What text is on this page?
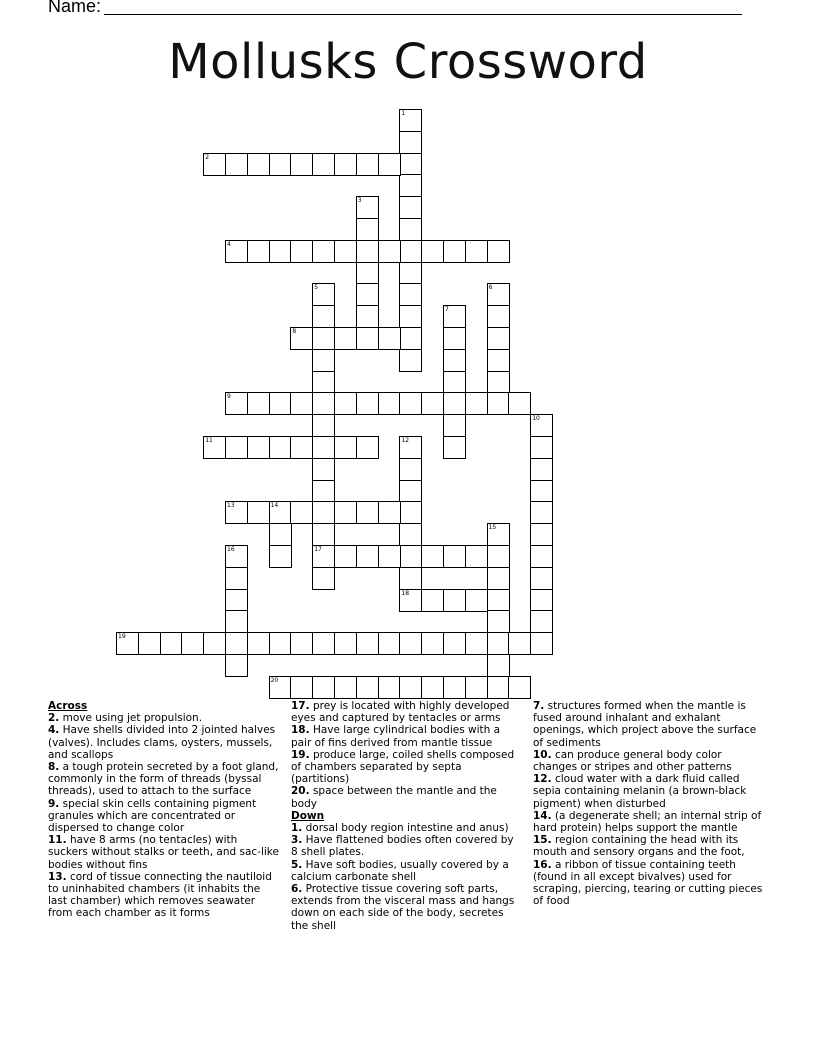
Name:
Mollusks Crossword
1
2
3
4
5	6
7
8
9
10
11	12
13	14
15
16	17
18
19
20
Across

2. move using jet propulsion.

4. Have shells divided into 2 jointed halves (valves). Includes clams, oysters, mussels, and scallops

8. a tough protein secreted by a foot gland, commonly in the form of threads (byssal threads), used to attach to the surface

9. special skin cells containing pigment granules which are concentrated or dispersed to change color

11. have 8 arms (no tentacles) with suckers without stalks or teeth, and sac-like bodies without fins

13. cord of tissue connecting the nautiloid to uninhabited chambers (it inhabits the last chamber) which removes seawater from each chamber as it forms

17. prey is located with highly developed eyes and captured by tentacles or arms

18. Have large cylindrical bodies with a pair of fins derived from mantle tissue

19. produce large, coiled shells composed of chambers separated by septa (partitions)

20. space between the mantle and the body

Down

1. dorsal body region intestine and anus)

3. Have flattened bodies often covered by 8 shell plates.

5. Have soft bodies, usually covered by a calcium carbonate shell

6. Protective tissue covering soft parts, extends from the visceral mass and hangs down on each side of the body, secretes the shell

7. structures formed when the mantle is fused around inhalant and exhalant openings, which project above the surface of sediments

10. can produce general body color changes or stripes and other patterns

12. cloud water with a dark fluid called sepia containing melanin (a brown-black pigment) when disturbed

14. (a degenerate shell; an internal strip of hard protein) helps support the mantle

15. region containing the head with its mouth and sensory organs and the foot,

16. a ribbon of tissue containing teeth (found in all except bivalves) used for scraping, piercing, tearing or cutting pieces of food
